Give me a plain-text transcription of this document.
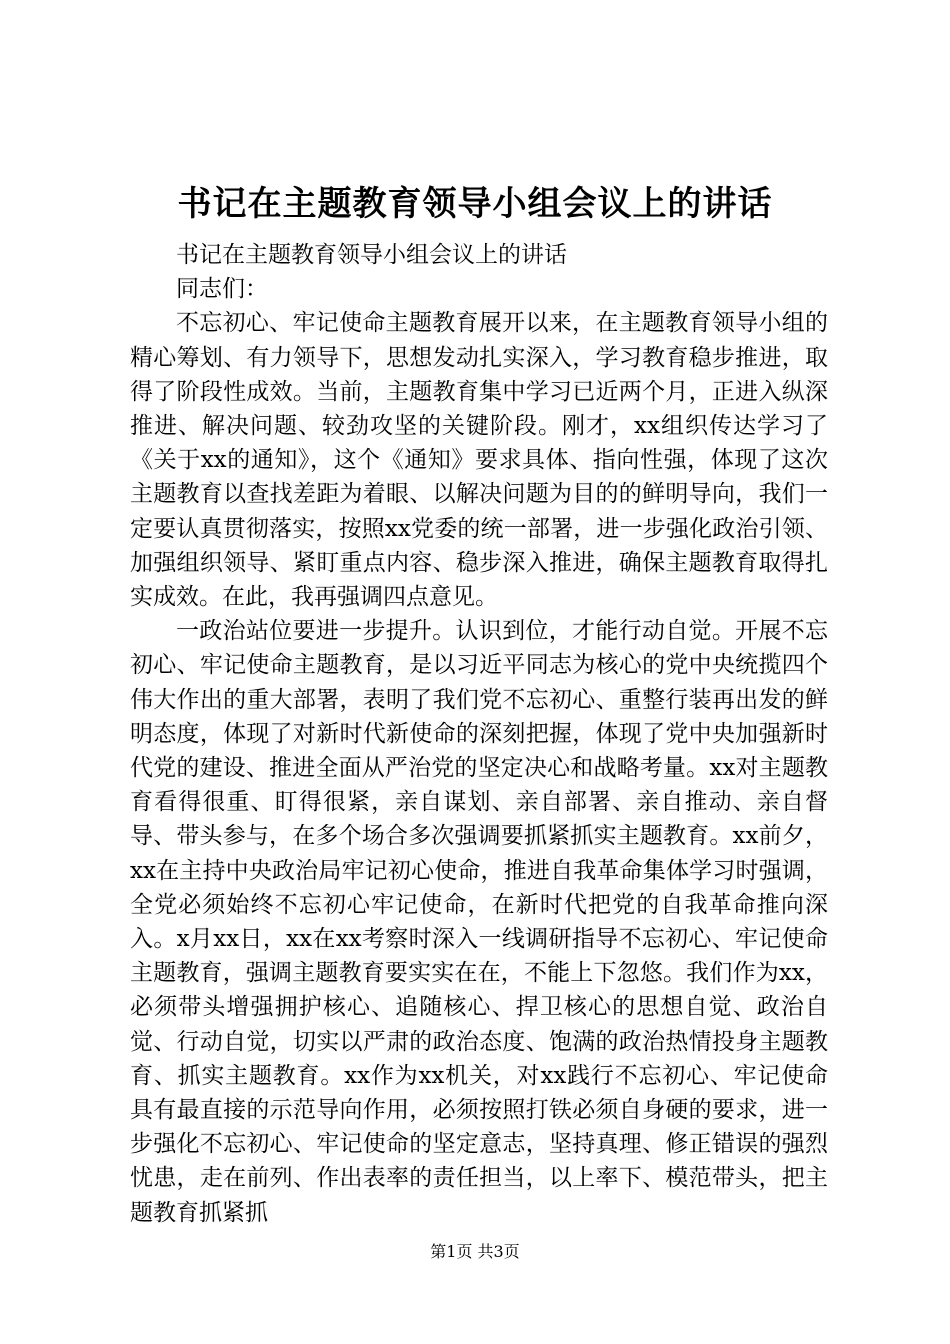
书记在主题教育领导小组会议上的讲话

书记在主题教育领导小组会议上的讲话

同志们：

不忘初心、牢记使命主题教育展开以来，在主题教育领导小组的精心筹划、有力领导下，思想发动扎实深入，学习教育稳步推进，取得了阶段性成效。当前，主题教育集中学习已近两个月，正进入纵深推进、解决问题、较劲攻坚的关键阶段。刚才，xx组织传达学习了《关于xx的通知》，这个《通知》要求具体、指向性强，体现了这次主题教育以查找差距为着眼、以解决问题为目的的鲜明导向，我们一定要认真贯彻落实，按照xx党委的统一部署，进一步强化政治引领、加强组织领导、紧盯重点内容、稳步深入推进，确保主题教育取得扎实成效。在此，我再强调四点意见。

一政治站位要进一步提升。认识到位，才能行动自觉。开展不忘初心、牢记使命主题教育，是以习近平同志为核心的党中央统揽四个伟大作出的重大部署，表明了我们党不忘初心、重整行装再出发的鲜明态度，体现了对新时代新使命的深刻把握，体现了党中央加强新时代党的建设、推进全面从严治党的坚定决心和战略考量。xx对主题教育看得很重、盯得很紧，亲自谋划、亲自部署、亲自推动、亲自督导、带头参与，在多个场合多次强调要抓紧抓实主题教育。xx前夕，xx在主持中央政治局牢记初心使命，推进自我革命集体学习时强调，全党必须始终不忘初心牢记使命，在新时代把党的自我革命推向深入。x月xx日，xx在xx考察时深入一线调研指导不忘初心、牢记使命主题教育，强调主题教育要实实在在，不能上下忽悠。我们作为xx，必须带头增强拥护核心、追随核心、捍卫核心的思想自觉、政治自觉、行动自觉，切实以严肃的政治态度、饱满的政治热情投身主题教育、抓实主题教育。xx作为xx机关，对xx践行不忘初心、牢记使命具有最直接的示范导向作用，必须按照打铁必须自身硬的要求，进一步强化不忘初心、牢记使命的坚定意志，坚持真理、修正错误的强烈忧患，走在前列、作出表率的责任担当，以上率下、模范带头，把主题教育抓紧抓

第1页 共3页
